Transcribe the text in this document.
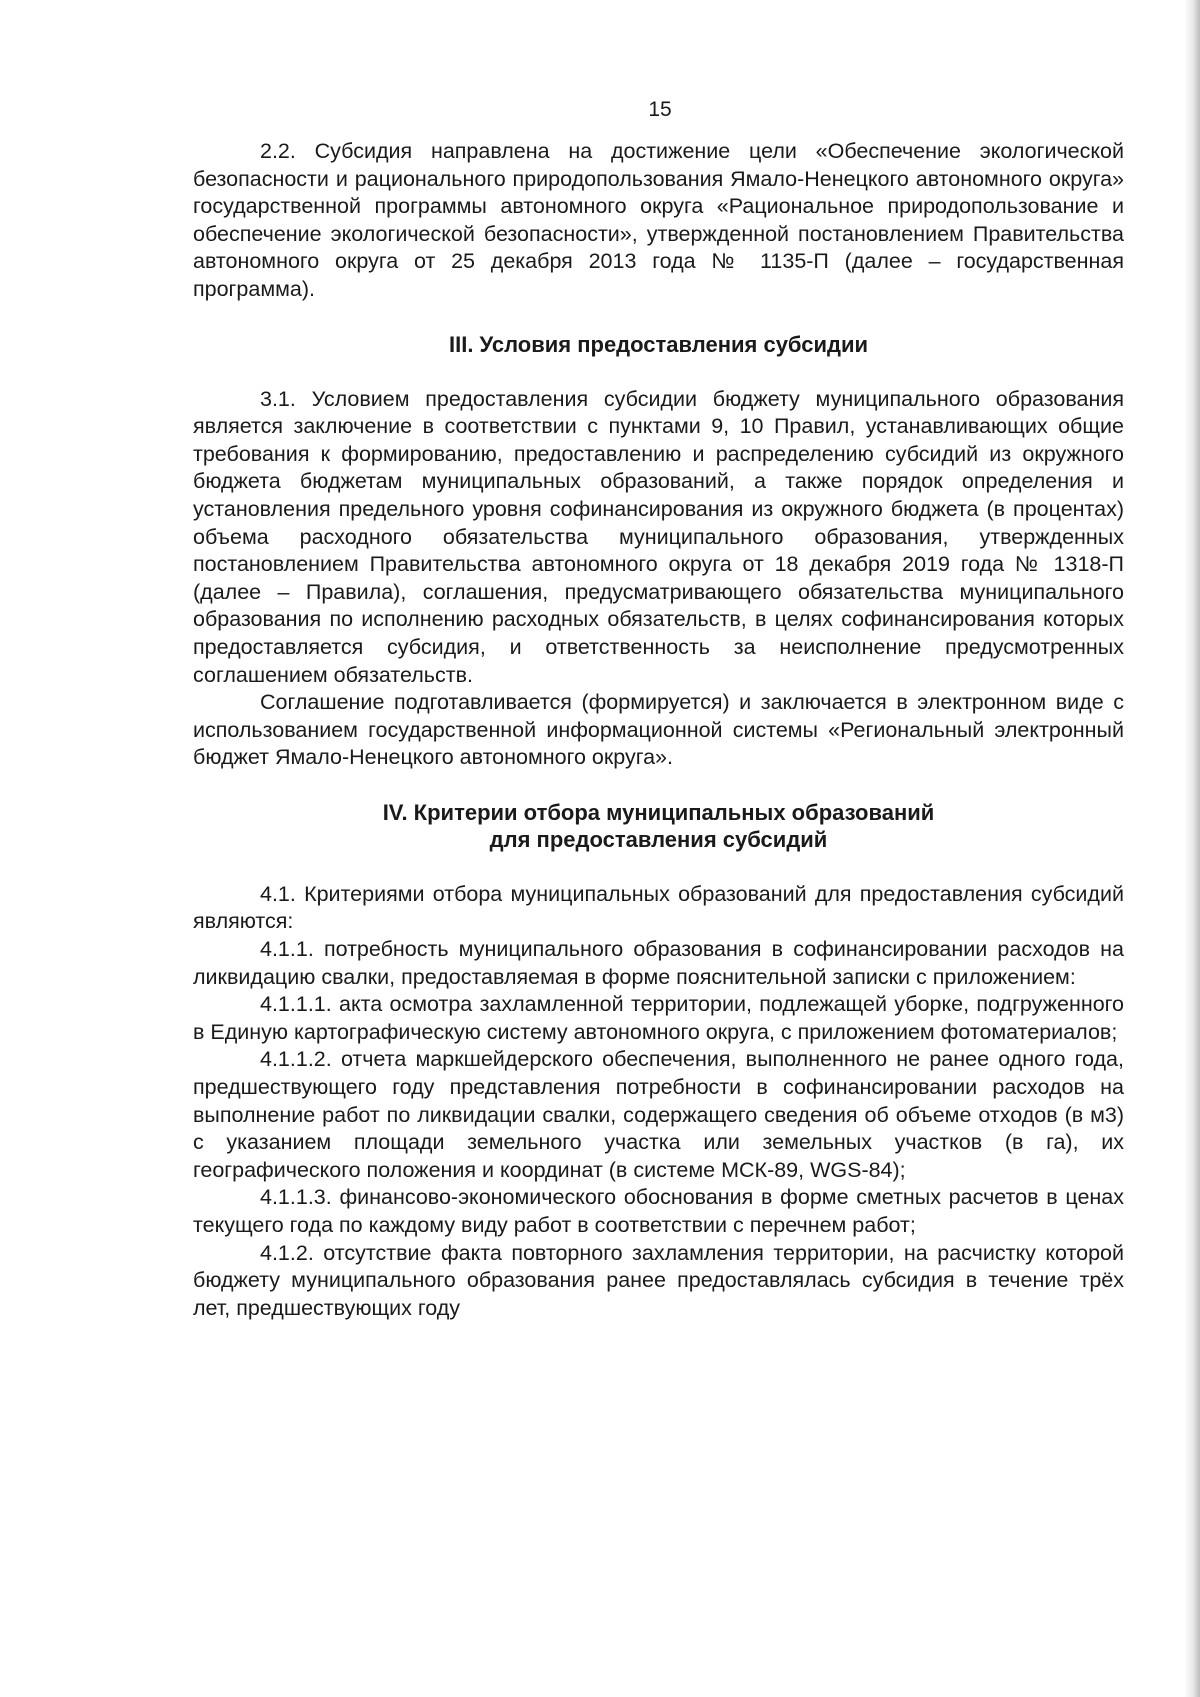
15

2.2. Субсидия направлена на достижение цели «Обеспечение экологической безопасности и рационального природопользования Ямало-Ненецкого автономного округа» государственной программы автономного округа «Рациональное природопользование и обеспечение экологической безопасности», утвержденной постановлением Правительства автономного округа от 25 декабря 2013 года № 1135-П (далее – государственная программа).

III. Условия предоставления субсидии

3.1. Условием предоставления субсидии бюджету муниципального образования является заключение в соответствии с пунктами 9, 10 Правил, устанавливающих общие требования к формированию, предоставлению и распределению субсидий из окружного бюджета бюджетам муниципальных образований, а также порядок определения и установления предельного уровня софинансирования из окружного бюджета (в процентах) объема расходного обязательства муниципального образования, утвержденных постановлением Правительства автономного округа от 18 декабря 2019 года № 1318-П (далее – Правила), соглашения, предусматривающего обязательства муниципального образования по исполнению расходных обязательств, в целях софинансирования которых предоставляется субсидия, и ответственность за неисполнение предусмотренных соглашением обязательств.

Соглашение подготавливается (формируется) и заключается в электронном виде с использованием государственной информационной системы «Региональный электронный бюджет Ямало-Ненецкого автономного округа».

IV. Критерии отбора муниципальных образований
для предоставления субсидий

4.1. Критериями отбора муниципальных образований для предоставления субсидий являются:

4.1.1. потребность муниципального образования в софинансировании расходов на ликвидацию свалки, предоставляемая в форме пояснительной записки с приложением:

4.1.1.1. акта осмотра захламленной территории, подлежащей уборке, подгруженного в Единую картографическую систему автономного округа, с приложением фотоматериалов;

4.1.1.2. отчета маркшейдерского обеспечения, выполненного не ранее одного года, предшествующего году представления потребности в софинансировании расходов на выполнение работ по ликвидации свалки, содержащего сведения об объеме отходов (в м3) с указанием площади земельного участка или земельных участков (в га), их географического положения и координат (в системе МСК-89, WGS-84);

4.1.1.3. финансово-экономического обоснования в форме сметных расчетов в ценах текущего года по каждому виду работ в соответствии с перечнем работ;

4.1.2. отсутствие факта повторного захламления территории, на расчистку которой бюджету муниципального образования ранее предоставлялась субсидия в течение трёх лет, предшествующих году
